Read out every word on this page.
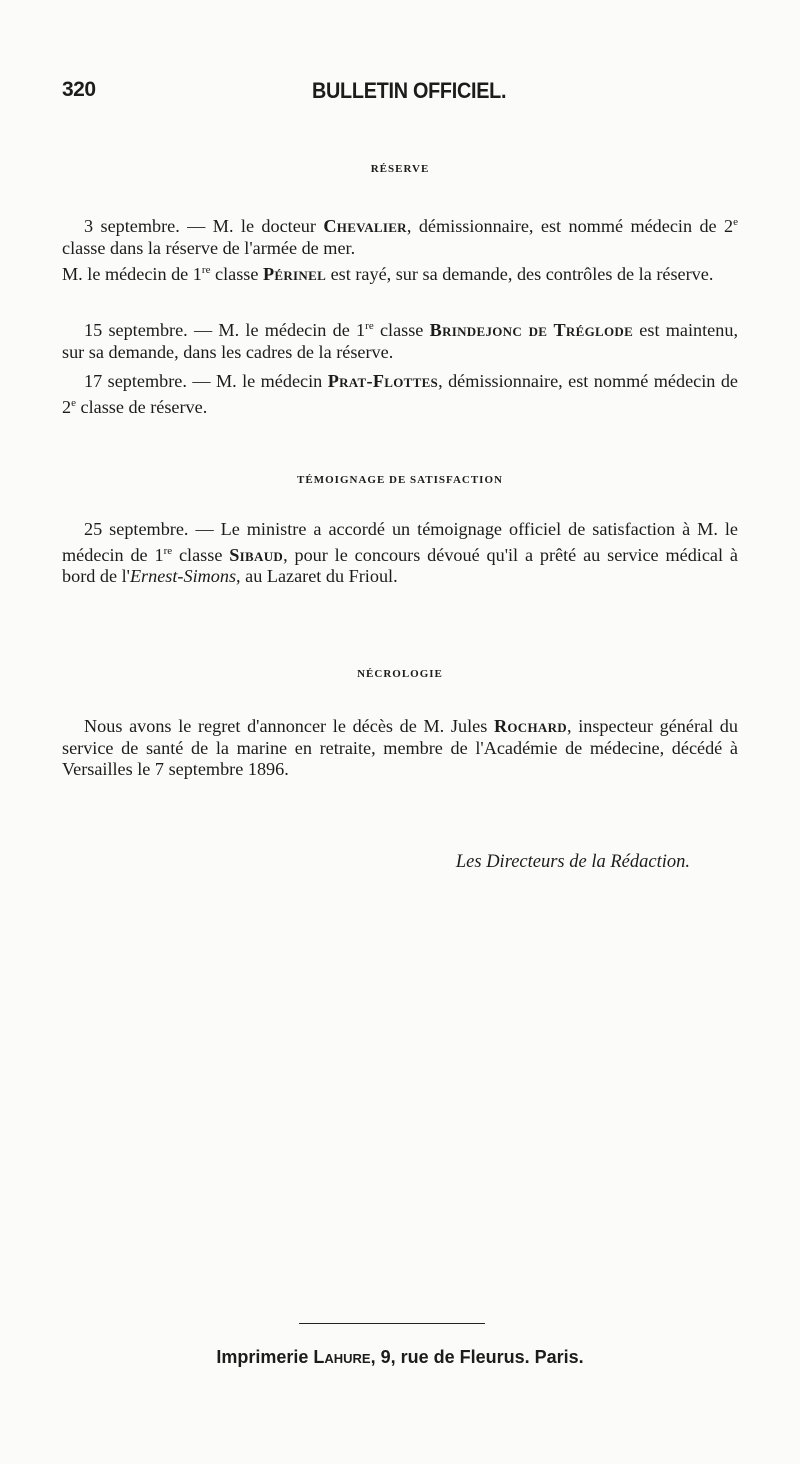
320	BULLETIN OFFICIEL.
RÉSERVE

3 septembre. — M. le docteur Chevalier, démissionnaire, est nommé médecin de 2e classe dans la réserve de l'armée de mer.

M. le médecin de 1re classe Périnel est rayé, sur sa demande, des contrôles de la réserve.

15 septembre. — M. le médecin de 1re classe Brindejonc de Tréglode est maintenu, sur sa demande, dans les cadres de la réserve.

17 septembre. — M. le médecin Prat-Flottes, démissionnaire, est nommé médecin de 2e classe de réserve.

TÉMOIGNAGE DE SATISFACTION

25 septembre. — Le ministre a accordé un témoignage officiel de satisfaction à M. le médecin de 1re classe Sibaud, pour le concours dévoué qu'il a prêté au service médical à bord de l'Ernest-Simons, au Lazaret du Frioul.

NÉCROLOGIE

Nous avons le regret d'annoncer le décès de M. Jules Rochard, inspecteur général du service de santé de la marine en retraite, membre de l'Académie de médecine, décédé à Versailles le 7 septembre 1896.

Les Directeurs de la Rédaction.
Imprimerie Lahure, 9, rue de Fleurus. Paris.
